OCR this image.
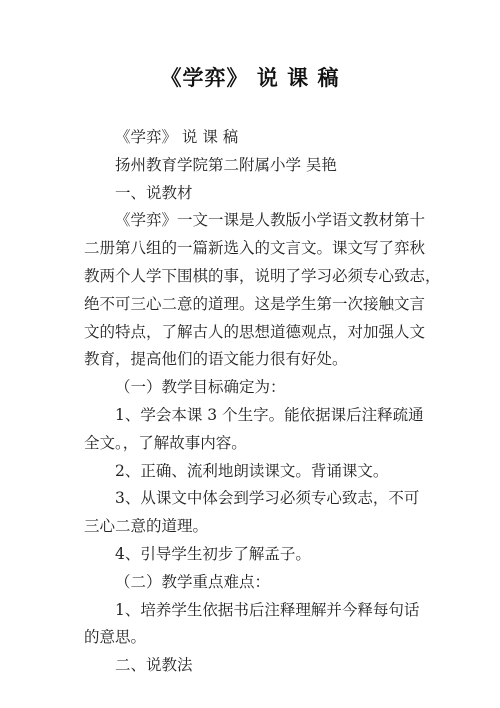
《学弈》 说 课 稿
《学弈》 说 课 稿
扬州教育学院第二附属小学 吴艳
一、说教材
《学弈》一文一课是人教版小学语文教材第十
二册第八组的一篇新选入的文言文。课文写了弈秋
教两个人学下围棋的事，说明了学习必须专心致志，
绝不可三心二意的道理。这是学生第一次接触文言
文的特点，了解古人的思想道德观点，对加强人文
教育，提高他们的语文能力很有好处。
（一）教学目标确定为：
1、学会本课 3 个生字。能依据课后注释疏通
全文。，了解故事内容。
2、正确、流利地朗读课文。背诵课文。
3、从课文中体会到学习必须专心致志，不可
三心二意的道理。
4、引导学生初步了解孟子。
（二）教学重点难点：
1、培养学生依据书后注释理解并今释每句话
的意思。
二、说教法
